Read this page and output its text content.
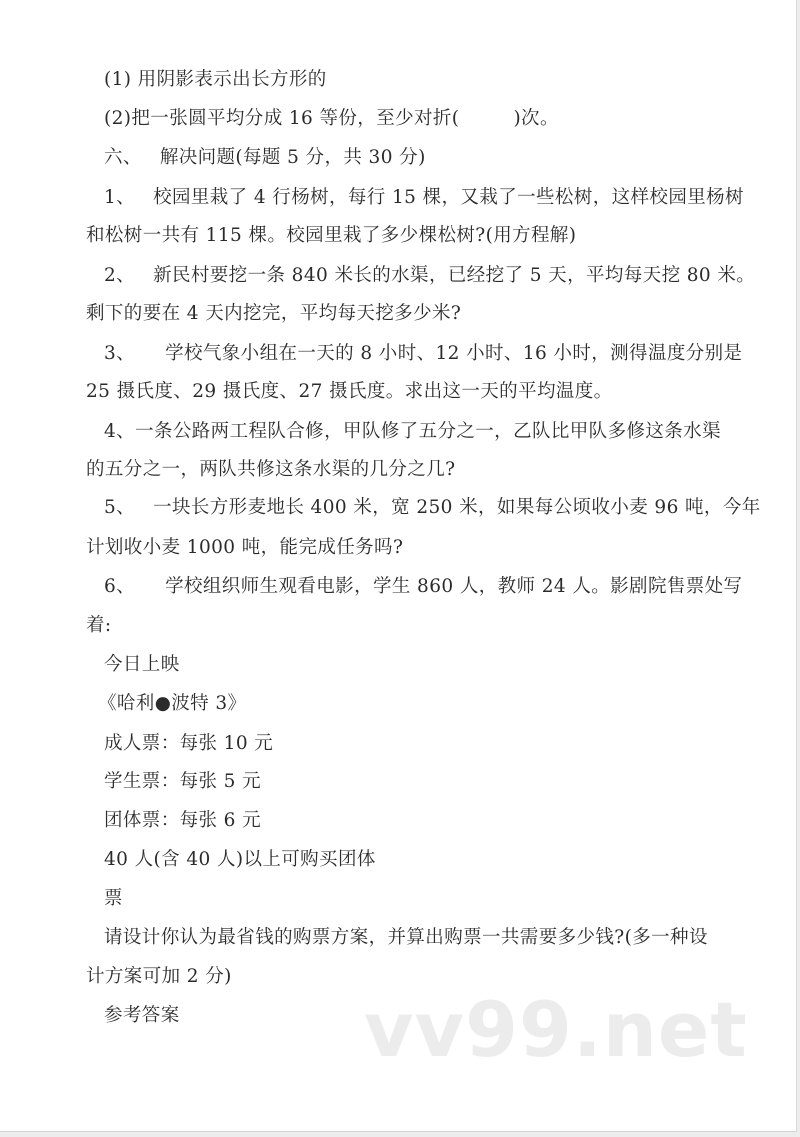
(1) 用阴影表示出长方形的
(2)把一张圆平均分成 16 等份，至少对折(	)次。
六、 解决问题(每题 5 分，共 30 分)
1、 校园里栽了 4 行杨树，每行 15 棵，又栽了一些松树，这样校园里杨树
和松树一共有 115 棵。校园里栽了多少棵松树?(用方程解)
2、 新民村要挖一条 840 米长的水渠，已经挖了 5 天，平均每天挖 80 米。
剩下的要在 4 天内挖完，平均每天挖多少米?
3、 学校气象小组在一天的 8 小时、12 小时、16 小时，测得温度分别是
25 摄氏度、29 摄氏度、27 摄氏度。求出这一天的平均温度。
4、一条公路两工程队合修，甲队修了五分之一，乙队比甲队多修这条水渠
的五分之一，两队共修这条水渠的几分之几?
5、 一块长方形麦地长 400 米，宽 250 米，如果每公顷收小麦 96 吨，今年
计划收小麦 1000 吨，能完成任务吗?
6、 学校组织师生观看电影，学生 860 人，教师 24 人。影剧院售票处写
着:
今日上映
《哈利●波特 3》
成人票：每张 10 元
学生票：每张 5 元
团体票：每张 6 元
40 人(含 40 人)以上可购买团体
票
请设计你认为最省钱的购票方案，并算出购票一共需要多少钱?(多一种设
计方案可加 2 分)
参考答案	vv99.net
